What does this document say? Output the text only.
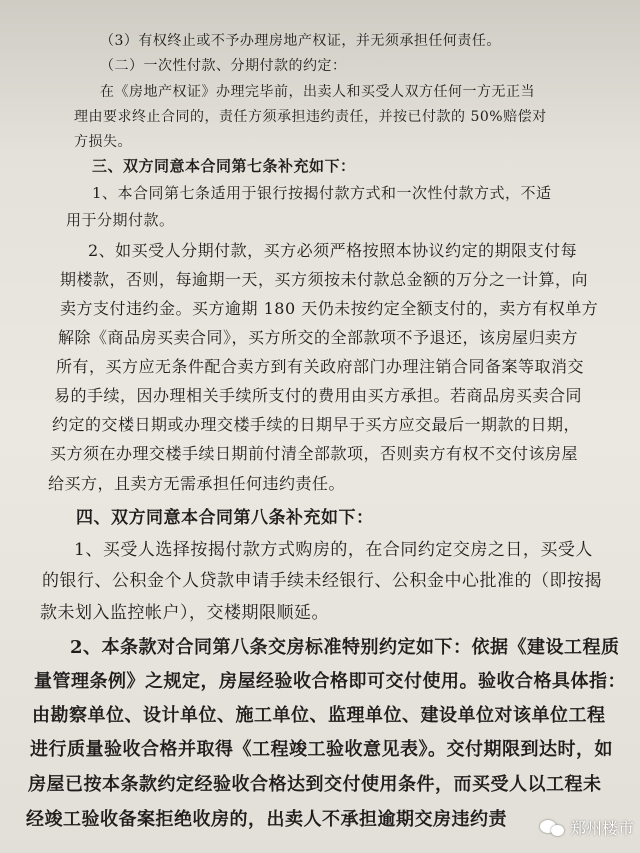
（3）有权终止或不予办理房地产权证，并无须承担任何责任。

（二）一次性付款、分期付款的约定：

在《房地产权证》办理完毕前，出卖人和买受人双方任何一方无正当

理由要求终止合同的，责任方须承担违约责任，并按已付款的 50%赔偿对

方损失。

三、双方同意本合同第七条补充如下：

1、本合同第七条适用于银行按揭付款方式和一次性付款方式，不适

用于分期付款。

2、如买受人分期付款，买方必须严格按照本协议约定的期限支付每

期楼款，否则，每逾期一天，买方须按未付款总金额的万分之一计算，向

卖方支付违约金。买方逾期 180 天仍未按约定全额支付的，卖方有权单方

解除《商品房买卖合同》，买方所交的全部款项不予退还，该房屋归卖方

所有，买方应无条件配合卖方到有关政府部门办理注销合同备案等取消交

易的手续，因办理相关手续所支付的费用由买方承担。若商品房买卖合同

约定的交楼日期或办理交楼手续的日期早于买方应交最后一期款的日期，

买方须在办理交楼手续日期前付清全部款项，否则卖方有权不交付该房屋

给买方，且卖方无需承担任何违约责任。

四、双方同意本合同第八条补充如下：

1、买受人选择按揭付款方式购房的，在合同约定交房之日，买受人

的银行、公积金个人贷款申请手续未经银行、公积金中心批准的（即按揭

款未划入监控帐户），交楼期限顺延。

2、本条款对合同第八条交房标准特别约定如下：依据《建设工程质

量管理条例》之规定，房屋经验收合格即可交付使用。验收合格具体指：

由勘察单位、设计单位、施工单位、监理单位、建设单位对该单位工程

进行质量验收合格并取得《工程竣工验收意见表》。交付期限到达时，如

房屋已按本条款约定经验收合格达到交付使用条件，而买受人以工程未

经竣工验收备案拒绝收房的，出卖人不承担逾期交房违约责	郑州楼市
